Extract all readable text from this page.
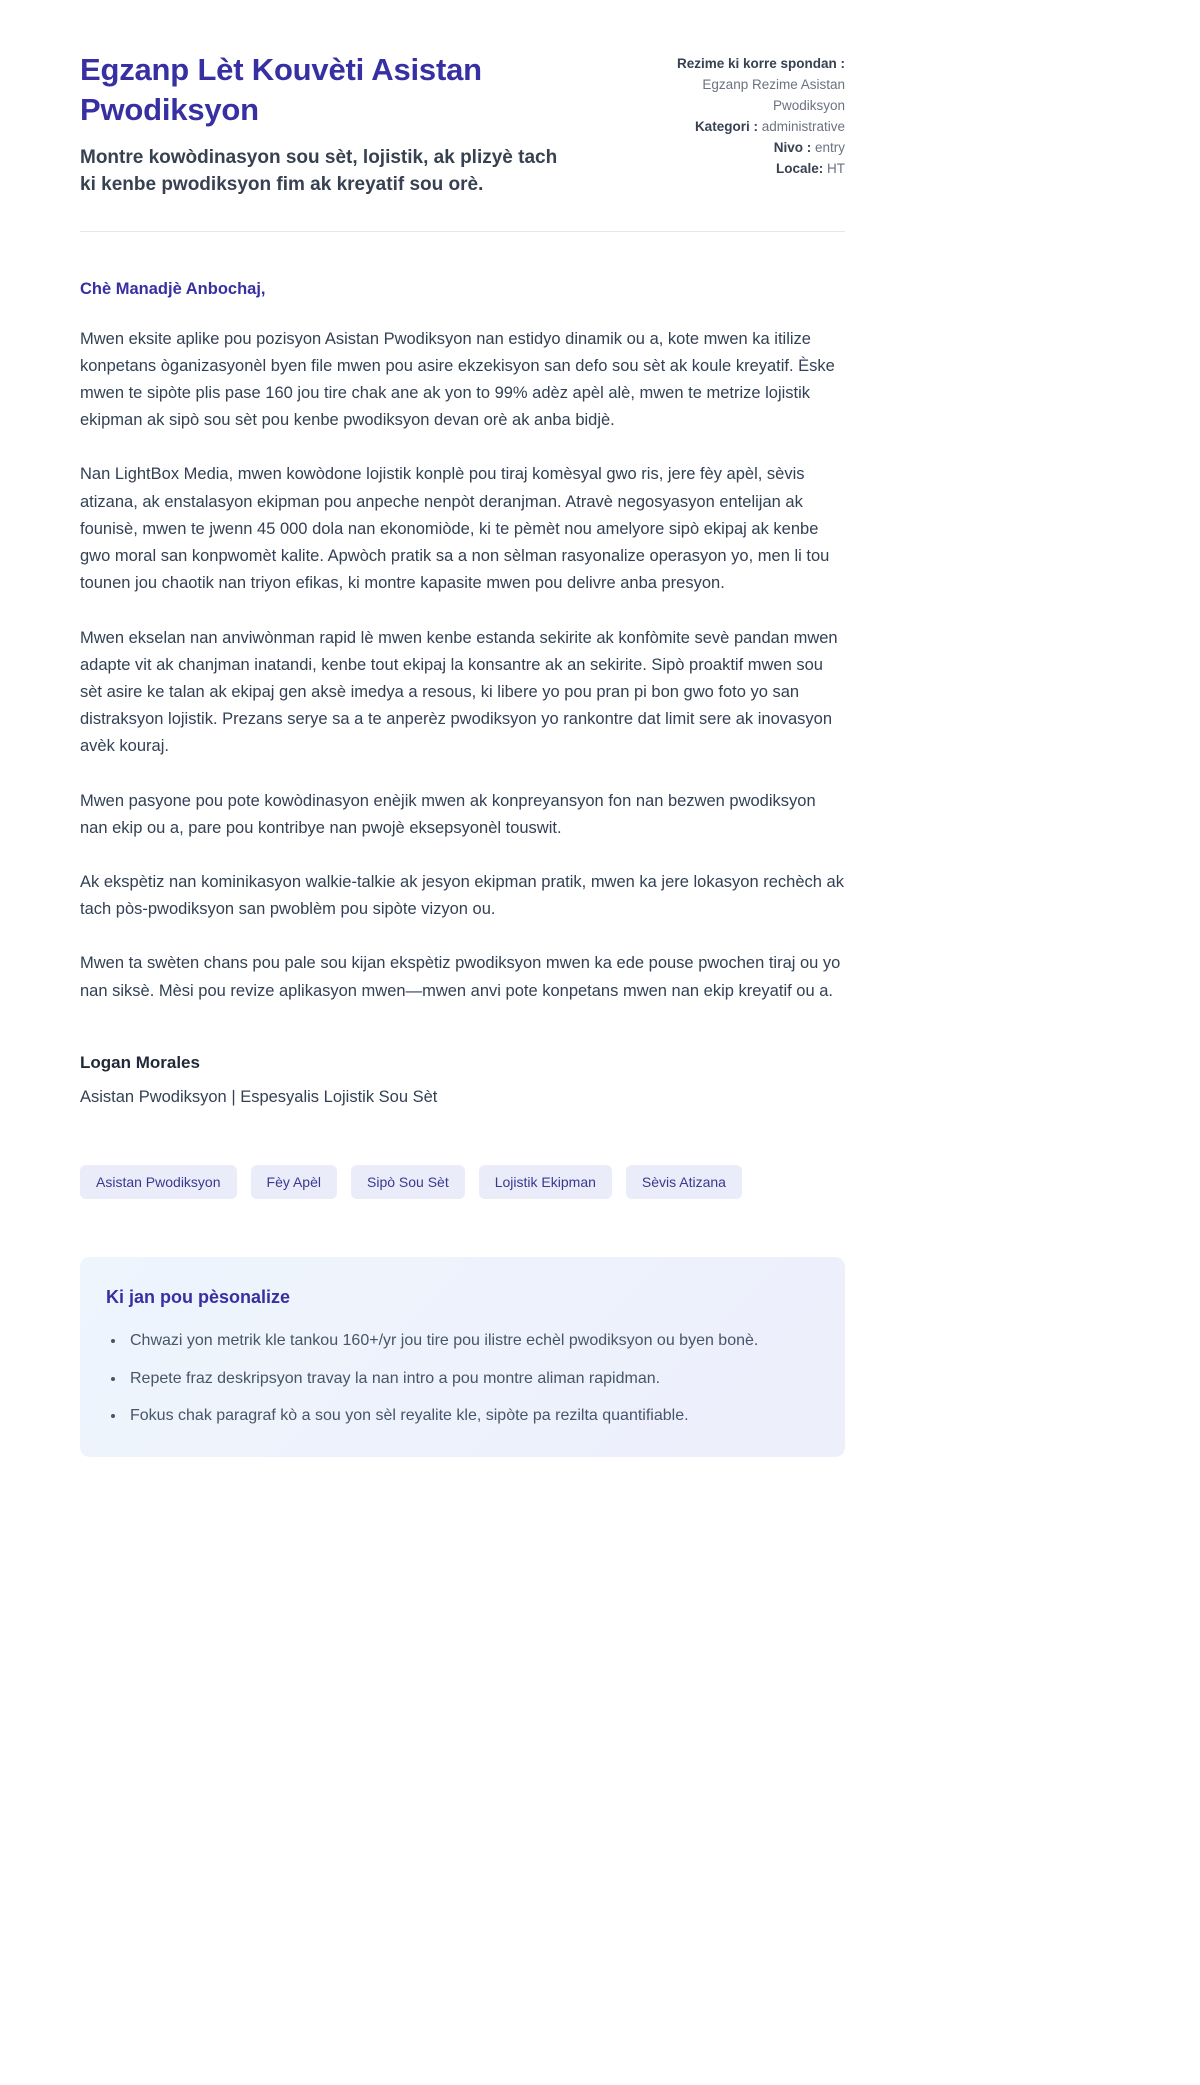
Egzanp Lèt Kouvèti Asistan Pwodiksyon

Montre kowòdinasyon sou sèt, lojistik, ak plizyè tach ki kenbe pwodiksyon fim ak kreyatif sou orè.

Rezime ki korre spondan : Egzanp Rezime Asistan Pwodiksyon
Kategori : administrative
Nivo : entry
Locale: HT

Chè Manadjè Anbochaj,

Mwen eksite aplike pou pozisyon Asistan Pwodiksyon nan estidyo dinamik ou a, kote mwen ka itilize konpetans òganizasyonèl byen file mwen pou asire ekzekisyon san defo sou sèt ak koule kreyatif. Èske mwen te sipòte plis pase 160 jou tire chak ane ak yon to 99% adèz apèl alè, mwen te metrize lojistik ekipman ak sipò sou sèt pou kenbe pwodiksyon devan orè ak anba bidjè.

Nan LightBox Media, mwen kowòdone lojistik konplè pou tiraj komèsyal gwo ris, jere fèy apèl, sèvis atizana, ak enstalasyon ekipman pou anpeche nenpòt deranjman. Atravè negosyasyon entelijan ak founisè, mwen te jwenn 45 000 dola nan ekonomiòde, ki te pèmèt nou amelyore sipò ekipaj ak kenbe gwo moral san konpwomèt kalite. Apwòch pratik sa a non sèlman rasyonalize operasyon yo, men li tou tounen jou chaotik nan triyon efikas, ki montre kapasite mwen pou delivre anba presyon.

Mwen ekselan nan anviwònman rapid lè mwen kenbe estanda sekirite ak konfòmite sevè pandan mwen adapte vit ak chanjman inatandi, kenbe tout ekipaj la konsantre ak an sekirite. Sipò proaktif mwen sou sèt asire ke talan ak ekipaj gen aksè imedya a resous, ki libere yo pou pran pi bon gwo foto yo san distraksyon lojistik. Prezans serye sa a te anperèz pwodiksyon yo rankontre dat limit sere ak inovasyon avèk kouraj.

Mwen pasyone pou pote kowòdinasyon enèjik mwen ak konpreyansyon fon nan bezwen pwodiksyon nan ekip ou a, pare pou kontribye nan pwojè eksepsyonèl touswit.

Ak ekspètiz nan kominikasyon walkie-talkie ak jesyon ekipman pratik, mwen ka jere lokasyon rechèch ak tach pòs-pwodiksyon san pwoblèm pou sipòte vizyon ou.

Mwen ta swèten chans pou pale sou kijan ekspètiz pwodiksyon mwen ka ede pouse pwochen tiraj ou yo nan siksè. Mèsi pou revize aplikasyon mwen—mwen anvi pote konpetans mwen nan ekip kreyatif ou a.

Logan Morales

Asistan Pwodiksyon | Espesyalis Lojistik Sou Sèt

Asistan Pwodiksyon	Fèy Apèl	Sipò Sou Sèt	Lojistik Ekipman	Sèvis Atizana
Ki jan pou pèsonalize
• Chwazi yon metrik kle tankou 160+/yr jou tire pou ilistre echèl pwodiksyon ou byen bonè.
• Repete fraz deskripsyon travay la nan intro a pou montre aliman rapidman.
• Fokus chak paragraf kò a sou yon sèl reyalite kle, sipòte pa rezilta quantifiable.
